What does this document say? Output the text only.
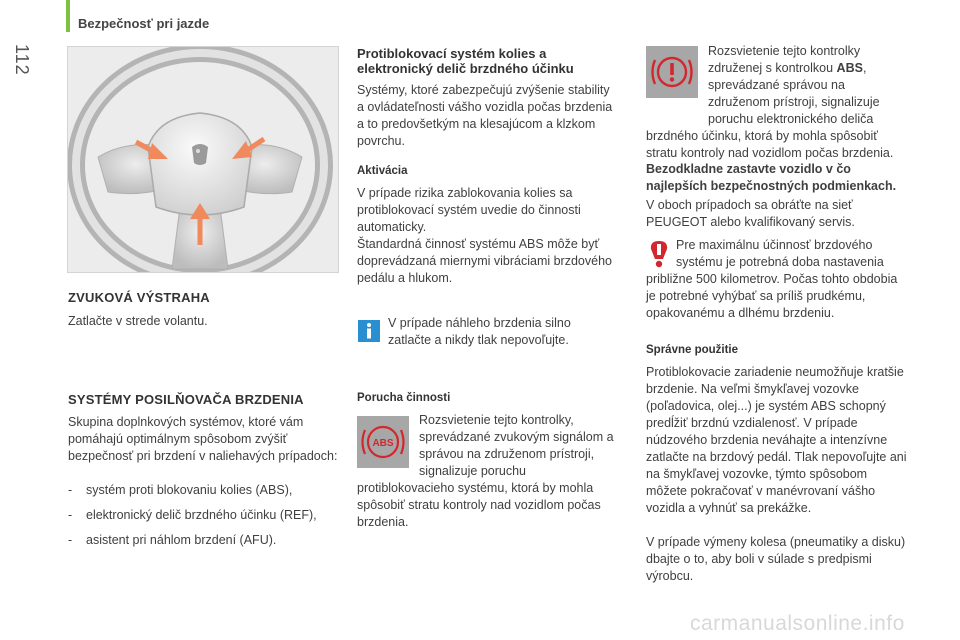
Bezpečnosť pri jazde
112
ZVUKOVÁ VÝSTRAHA
Zatlačte v strede volantu.
SYSTÉMY POSILŇOVAČA BRZDENIA
Skupina doplnkových systémov, ktoré vám pomáhajú optimálnym spôsobom zvýšiť bezpečnosť pri brzdení v naliehavých prípadoch:
- systém proti blokovaniu kolies (ABS),
- elektronický delič brzdného účinku (REF),
- asistent pri náhlom brzdení (AFU).
Protiblokovací systém kolies a elektronický delič brzdného účinku
Systémy, ktoré zabezpečujú zvýšenie stability a ovládateľnosti vášho vozidla počas brzdenia a to predovšetkým na klesajúcom a klzkom povrchu.
Aktivácia
V prípade rizika zablokovania kolies sa protiblokovací systém uvedie do činnosti automaticky.
Štandardná činnosť systému ABS môže byť doprevádzaná miernymi vibráciami brzdového pedálu a hlukom.
V prípade náhleho brzdenia silno zatlačte a nikdy tlak nepovoľujte.
Porucha činnosti
ABS
Rozsvietenie tejto kontrolky, sprevádzané zvukovým signálom a správou na združenom prístroji, signalizuje poruchu protiblokovacieho systému, ktorá by mohla spôsobiť stratu kontroly nad vozidlom počas brzdenia.
Rozsvietenie tejto kontrolky združenej s kontrolkou ABS, sprevádzané správou na združenom prístroji, signalizuje poruchu elektronického deliča brzdného účinku, ktorá by mohla spôsobiť stratu kontroly nad vozidlom počas brzdenia.
Bezodkladne zastavte vozidlo v čo najlepších bezpečnostných podmienkach.
V oboch prípadoch sa obráťte na sieť PEUGEOT alebo kvalifikovaný servis.
Pre maximálnu účinnosť brzdového systému je potrebná doba nastavenia približne 500 kilometrov. Počas tohto obdobia je potrebné vyhýbať sa príliš prudkému, opakovanému a dlhému brzdeniu.
Správne použitie
Protiblokovacie zariadenie neumožňuje kratšie brzdenie. Na veľmi šmykľavej vozovke (poľadovica, olej...) je systém ABS schopný predĺžiť brzdnú vzdialenosť. V prípade núdzového brzdenia neváhajte a intenzívne zatlačte na brzdový pedál. Tlak nepovoľujte ani na šmykľavej vozovke, týmto spôsobom môžete pokračovať v manévrovaní vášho vozidla a vyhnúť sa prekážke.
V prípade výmeny kolesa (pneumatiky a disku) dbajte o to, aby boli v súlade s predpismi výrobcu.
carmanualsonline.info
